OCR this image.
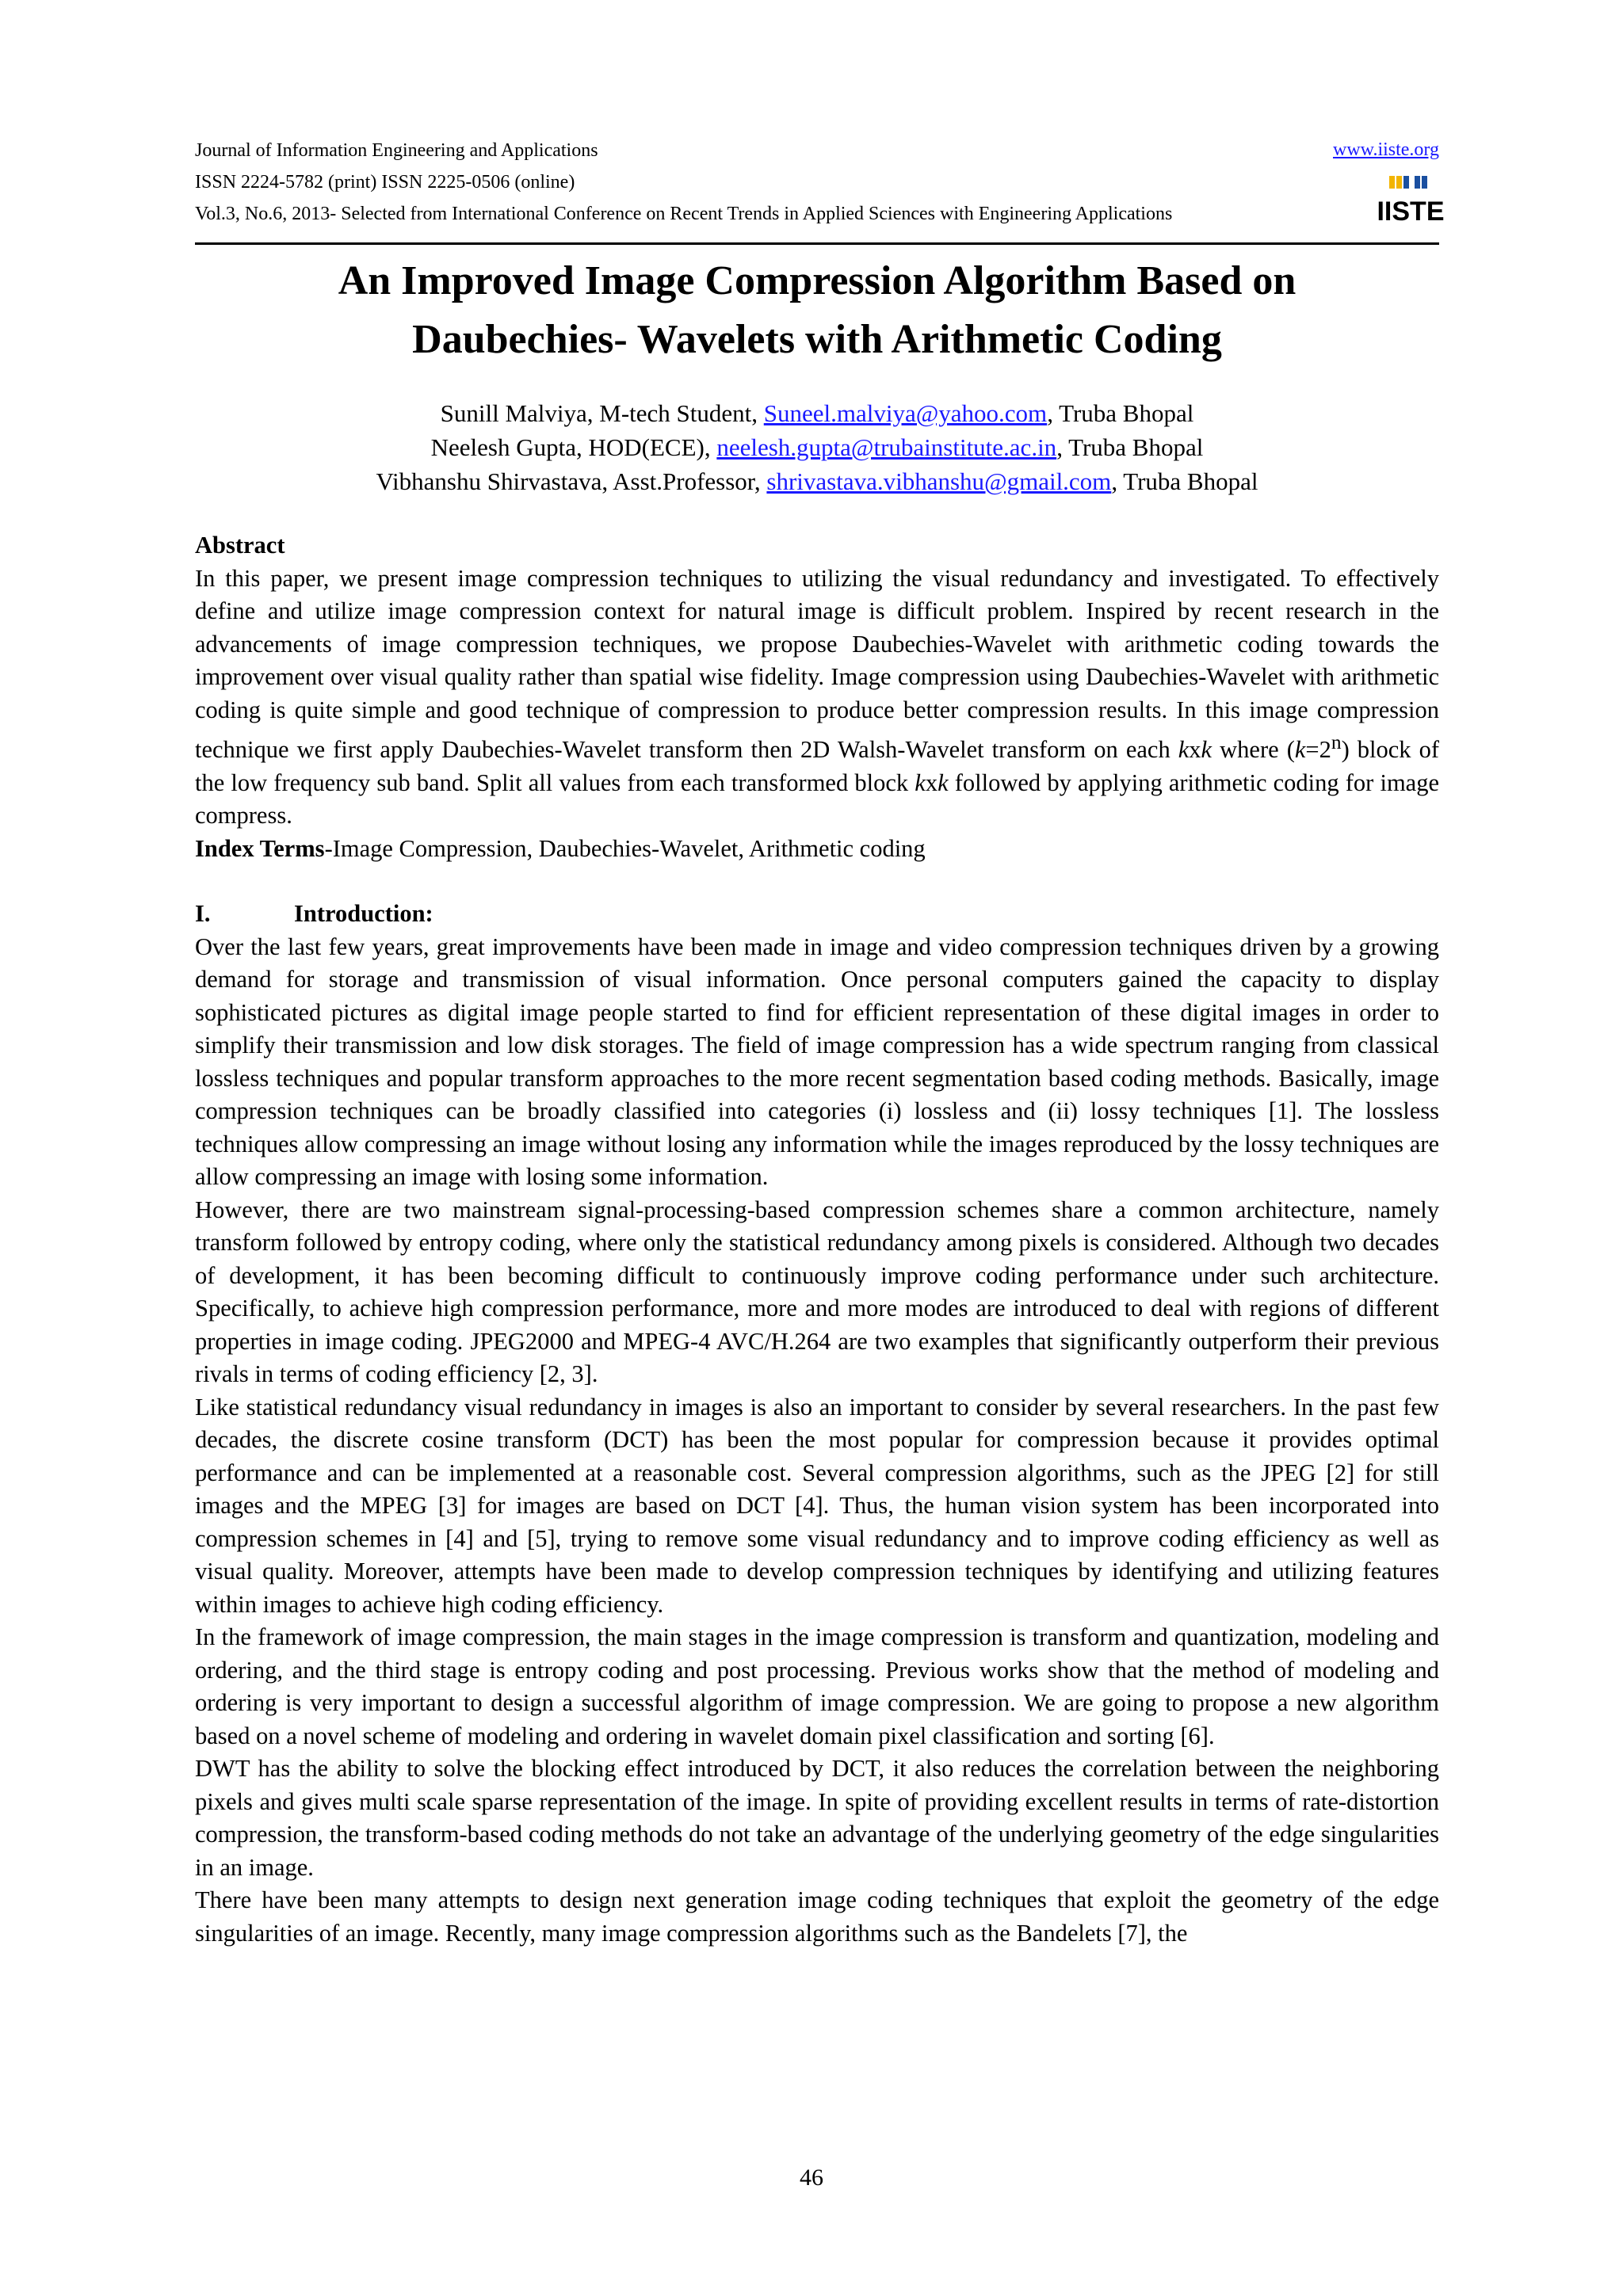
Journal of Information Engineering and Applications	www.iiste.org
ISSN 2224-5782 (print) ISSN 2225-0506 (online)
Vol.3, No.6, 2013- Selected from International Conference on Recent Trends in Applied Sciences with Engineering Applications	IISTE
An Improved Image Compression Algorithm Based on
Daubechies- Wavelets with Arithmetic Coding
Sunill Malviya, M-tech Student, Suneel.malviya@yahoo.com, Truba Bhopal
Neelesh Gupta, HOD(ECE), neelesh.gupta@trubainstitute.ac.in, Truba Bhopal
Vibhanshu Shirvastava, Asst.Professor, shrivastava.vibhanshu@gmail.com, Truba Bhopal

Abstract

In this paper, we present image compression techniques to utilizing the visual redundancy and investigated. To effectively define and utilize image compression context for natural image is difficult problem. Inspired by recent research in the advancements of image compression techniques, we propose Daubechies-Wavelet with arithmetic coding towards the improvement over visual quality rather than spatial wise fidelity. Image compression using Daubechies-Wavelet with arithmetic coding is quite simple and good technique of compression to produce better compression results. In this image compression technique we first apply Daubechies-Wavelet transform then 2D Walsh-Wavelet transform on each kxk where $(k=2^n)$ block of the low frequency sub band. Split all values from each transformed block kxk followed by applying arithmetic coding for image compress.

Index Terms-Image Compression, Daubechies-Wavelet, Arithmetic coding

I.	Introduction:

Over the last few years, great improvements have been made in image and video compression techniques driven by a growing demand for storage and transmission of visual information. Once personal computers gained the capacity to display sophisticated pictures as digital image people started to find for efficient representation of these digital images in order to simplify their transmission and low disk storages. The field of image compression has a wide spectrum ranging from classical lossless techniques and popular transform approaches to the more recent segmentation based coding methods. Basically, image compression techniques can be broadly classified into categories (i) lossless and (ii) lossy techniques [1]. The lossless techniques allow compressing an image without losing any information while the images reproduced by the lossy techniques are allow compressing an image with losing some information.

However, there are two mainstream signal-processing-based compression schemes share a common architecture, namely transform followed by entropy coding, where only the statistical redundancy among pixels is considered. Although two decades of development, it has been becoming difficult to continuously improve coding performance under such architecture. Specifically, to achieve high compression performance, more and more modes are introduced to deal with regions of different properties in image coding. JPEG2000 and MPEG-4 AVC/H.264 are two examples that significantly outperform their previous rivals in terms of coding efficiency [2, 3].

Like statistical redundancy visual redundancy in images is also an important to consider by several researchers. In the past few decades, the discrete cosine transform (DCT) has been the most popular for compression because it provides optimal performance and can be implemented at a reasonable cost. Several compression algorithms, such as the JPEG [2] for still images and the MPEG [3] for images are based on DCT [4]. Thus, the human vision system has been incorporated into compression schemes in [4] and [5], trying to remove some visual redundancy and to improve coding efficiency as well as visual quality. Moreover, attempts have been made to develop compression techniques by identifying and utilizing features within images to achieve high coding efficiency.

In the framework of image compression, the main stages in the image compression is transform and quantization, modeling and ordering, and the third stage is entropy coding and post processing. Previous works show that the method of modeling and ordering is very important to design a successful algorithm of image compression. We are going to propose a new algorithm based on a novel scheme of modeling and ordering in wavelet domain pixel classification and sorting [6].

DWT has the ability to solve the blocking effect introduced by DCT, it also reduces the correlation between the neighboring pixels and gives multi scale sparse representation of the image. In spite of providing excellent results in terms of rate-distortion compression, the transform-based coding methods do not take an advantage of the underlying geometry of the edge singularities in an image.

There have been many attempts to design next generation image coding techniques that exploit the geometry of the edge singularities of an image. Recently, many image compression algorithms such as the Bandelets [7], the

46
